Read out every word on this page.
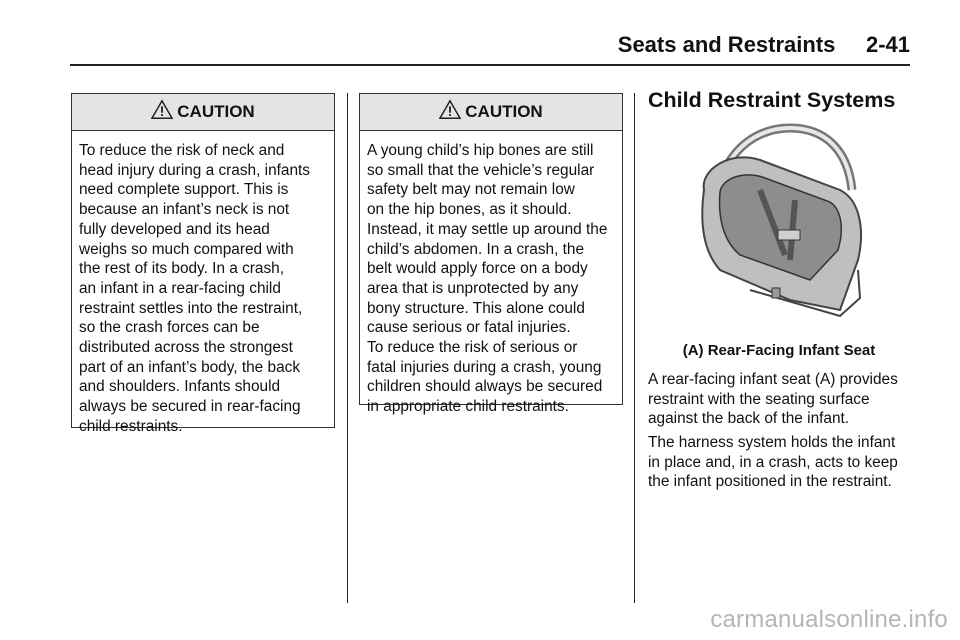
Seats and Restraints     2-41
CAUTION
To reduce the risk of neck and
head injury during a crash, infants
need complete support. This is
because an infant’s neck is not
fully developed and its head
weighs so much compared with
the rest of its body. In a crash,
an infant in a rear-facing child
restraint settles into the restraint,
so the crash forces can be
distributed across the strongest
part of an infant’s body, the back
and shoulders. Infants should
always be secured in rear-facing
child restraints.
CAUTION
A young child’s hip bones are still
so small that the vehicle’s regular
safety belt may not remain low
on the hip bones, as it should.
Instead, it may settle up around the
child’s abdomen. In a crash, the
belt would apply force on a body
area that is unprotected by any
bony structure. This alone could
cause serious or fatal injuries.
To reduce the risk of serious or
fatal injuries during a crash, young
children should always be secured
in appropriate child restraints.
Child Restraint Systems
(A) Rear-Facing Infant Seat
A rear-facing infant seat (A) provides
restraint with the seating surface
against the back of the infant.
The harness system holds the infant
in place and, in a crash, acts to keep
the infant positioned in the restraint.
carmanualsonline.info
